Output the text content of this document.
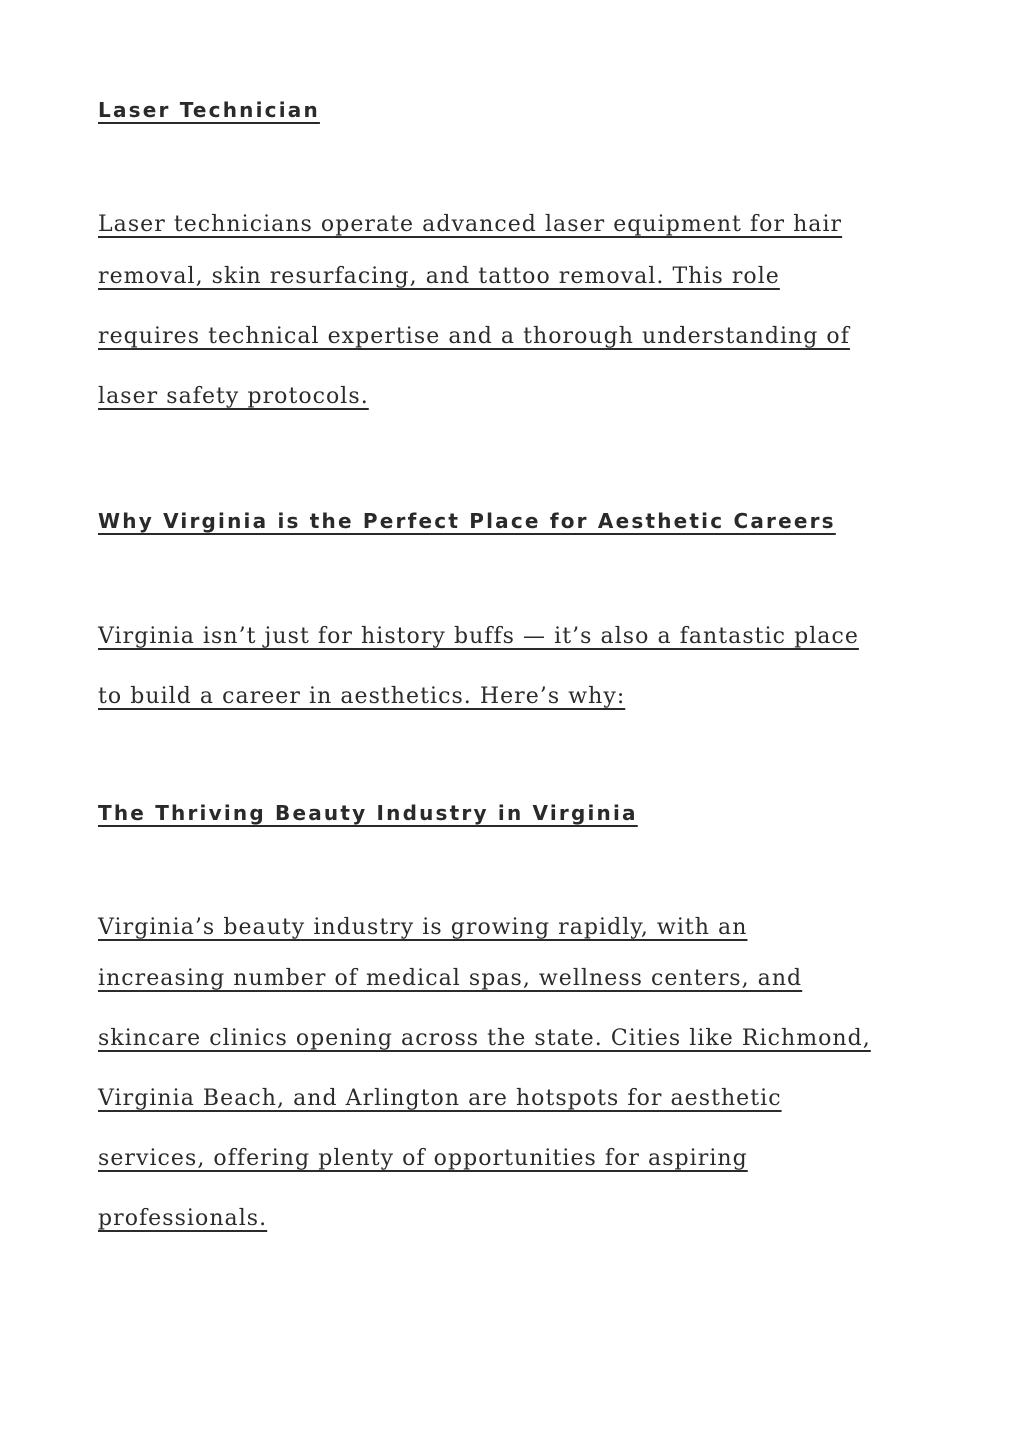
Laser Technician

Laser technicians operate advanced laser equipment for hair

removal, skin resurfacing, and tattoo removal. This role

requires technical expertise and a thorough understanding of

laser safety protocols.

Why Virginia is the Perfect Place for Aesthetic Careers

Virginia isn’t just for history buffs — it’s also a fantastic place

to build a career in aesthetics. Here’s why:

The Thriving Beauty Industry in Virginia

Virginia’s beauty industry is growing rapidly, with an

increasing number of medical spas, wellness centers, and

skincare clinics opening across the state. Cities like Richmond,

Virginia Beach, and Arlington are hotspots for aesthetic

services, offering plenty of opportunities for aspiring

professionals.
